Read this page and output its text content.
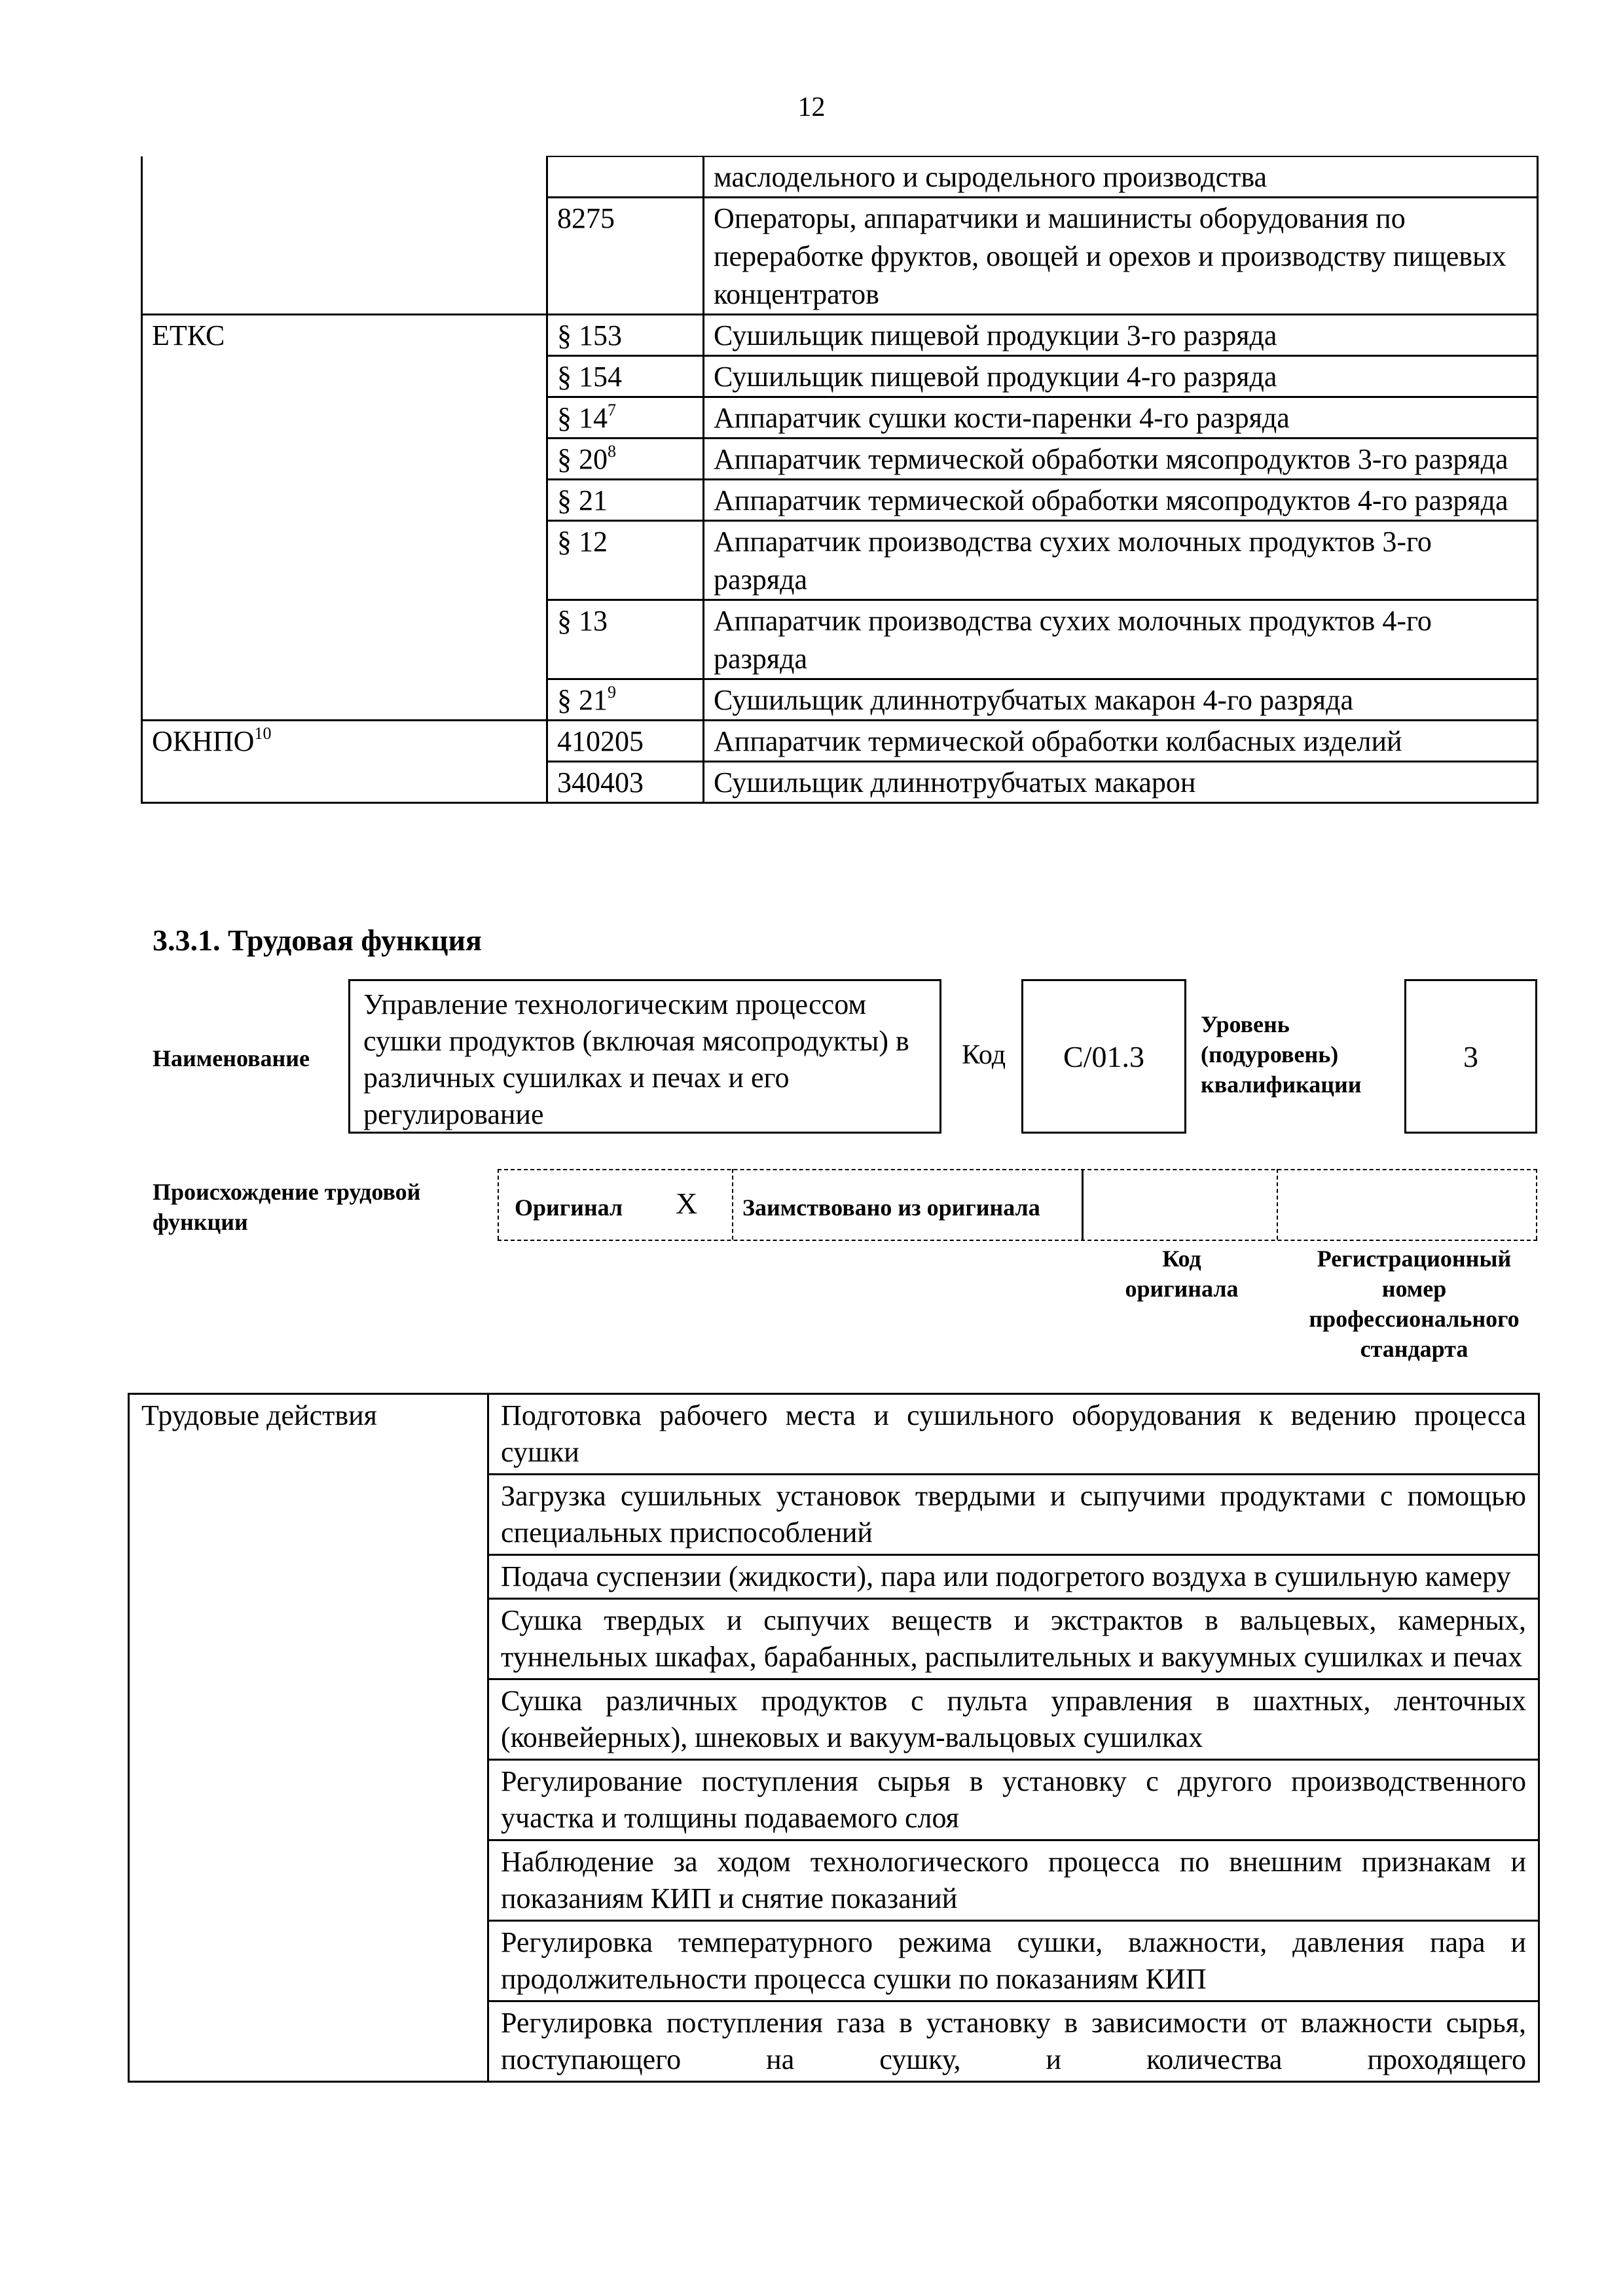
12
		маслодельного и сыродельного производства
	8275	Операторы, аппаратчики и машинисты оборудования по переработке фруктов, овощей и орехов и производству пищевых концентратов
ЕТКС	§ 153	Сушильщик пищевой продукции 3-го разряда
	§ 154	Сушильщик пищевой продукции 4-го разряда
	§ $14^7$	Аппаратчик сушки кости-паренки 4-го разряда
	§ $20^8$	Аппаратчик термической обработки мясопродуктов 3-го разряда
	§ 21	Аппаратчик термической обработки мясопродуктов 4-го разряда
	§ 12	Аппаратчик производства сухих молочных продуктов 3-го разряда
	§ 13	Аппаратчик производства сухих молочных продуктов 4-го разряда
	§ $21^9$	Сушильщик длиннотрубчатых макарон 4-го разряда
ОКНПО$^{10}$	410205	Аппаратчик термической обработки колбасных изделий
	340403	Сушильщик длиннотрубчатых макарон
3.3.1. Трудовая функция
Наименование
Управление технологическим процессом сушки продуктов (включая мясопродукты) в различных сушилках и печах и его регулирование
Код С/01.3
Уровень
(подуровень)
квалификации
3
Происхождение трудовой
функции
Оригинал Х Заимствовано из оригинала
Код
оригинала
Регистрационный
номер
профессионального
стандарта
Трудовые действия	Подготовка рабочего места и сушильного оборудования к ведению процесса сушки
Загрузка сушильных установок твердыми и сыпучими продуктами с помощью специальных приспособлений
Подача суспензии (жидкости), пара или подогретого воздуха в сушильную камеру
Сушка твердых и сыпучих веществ и экстрактов в вальцевых, камерных, туннельных шкафах, барабанных, распылительных и вакуумных сушилках и печах
Сушка различных продуктов с пульта управления в шахтных, ленточных (конвейерных), шнековых и вакуум-вальцовых сушилках
Регулирование поступления сырья в установку с другого производственного участка и толщины подаваемого слоя
Наблюдение за ходом технологического процесса по внешним признакам и показаниям КИП и снятие показаний
Регулировка температурного режима сушки, влажности, давления пара и продолжительности процесса сушки по показаниям КИП
Регулировка поступления газа в установку в зависимости от влажности сырья, поступающего на сушку, и количества проходящего
